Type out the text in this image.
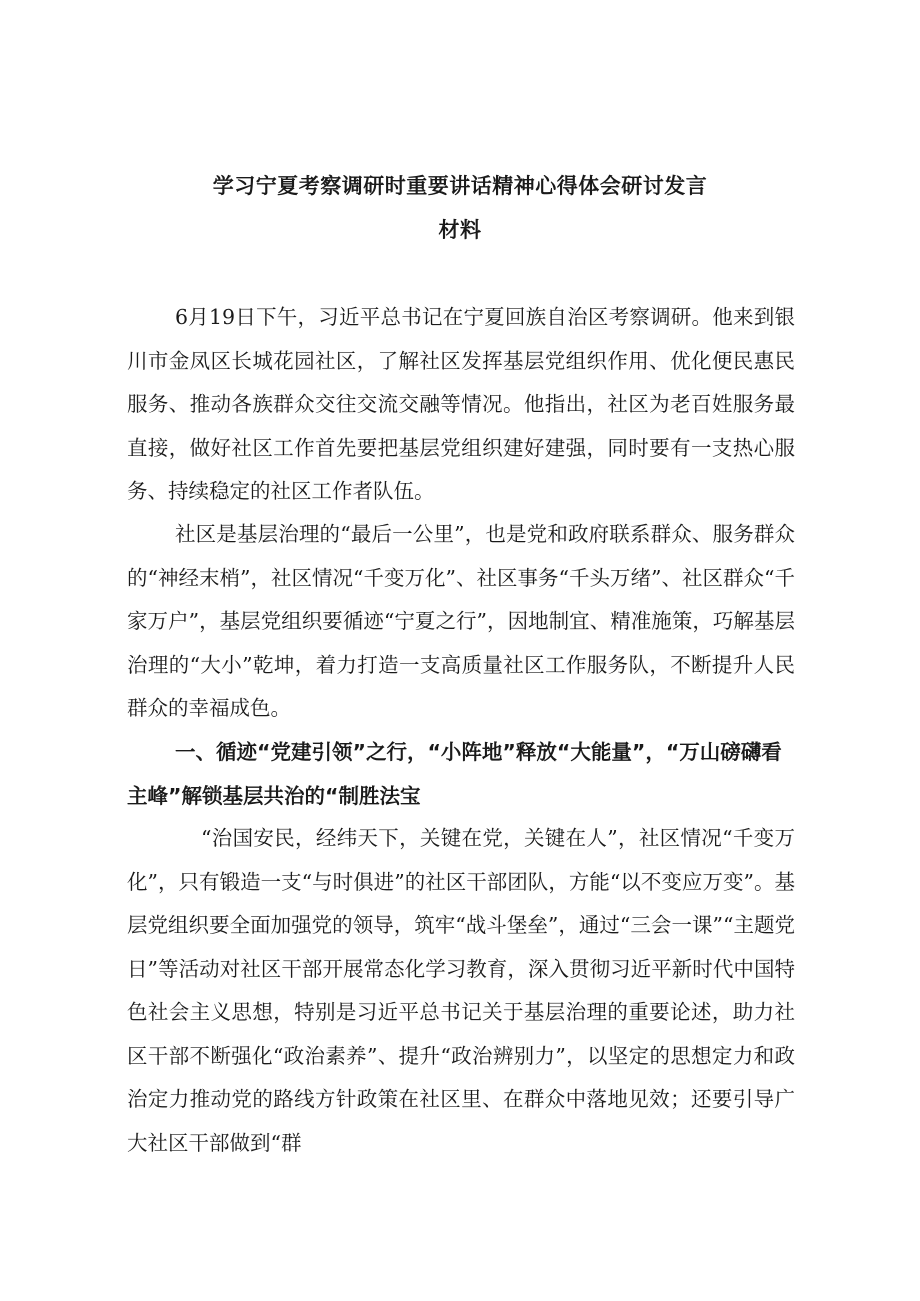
学习宁夏考察调研时重要讲话精神心得体会研讨发言
材料

6月19日下午，习近平总书记在宁夏回族自治区考察调研。他来到银川市金凤区长城花园社区，了解社区发挥基层党组织作用、优化便民惠民服务、推动各族群众交往交流交融等情况。他指出，社区为老百姓服务最直接，做好社区工作首先要把基层党组织建好建强，同时要有一支热心服务、持续稳定的社区工作者队伍。

社区是基层治理的“最后一公里”，也是党和政府联系群众、服务群众的“神经末梢”，社区情况“千变万化”、社区事务“千头万绪”、社区群众“千家万户”，基层党组织要循迹“宁夏之行”，因地制宜、精准施策，巧解基层治理的“大小”乾坤，着力打造一支高质量社区工作服务队，不断提升人民群众的幸福成色。

一、循迹“党建引领”之行，“小阵地”释放“大能量”，“万山磅礴看主峰”解锁基层共治的“制胜法宝

“治国安民，经纬天下，关键在党，关键在人”，社区情况“千变万化”，只有锻造一支“与时俱进”的社区干部团队，方能“以不变应万变”。基层党组织要全面加强党的领导，筑牢“战斗堡垒”，通过“三会一课”“主题党日”等活动对社区干部开展常态化学习教育，深入贯彻习近平新时代中国特色社会主义思想，特别是习近平总书记关于基层治理的重要论述，助力社区干部不断强化“政治素养”、提升“政治辨别力”，以坚定的思想定力和政治定力推动党的路线方针政策在社区里、在群众中落地见效；还要引导广大社区干部做到“群
